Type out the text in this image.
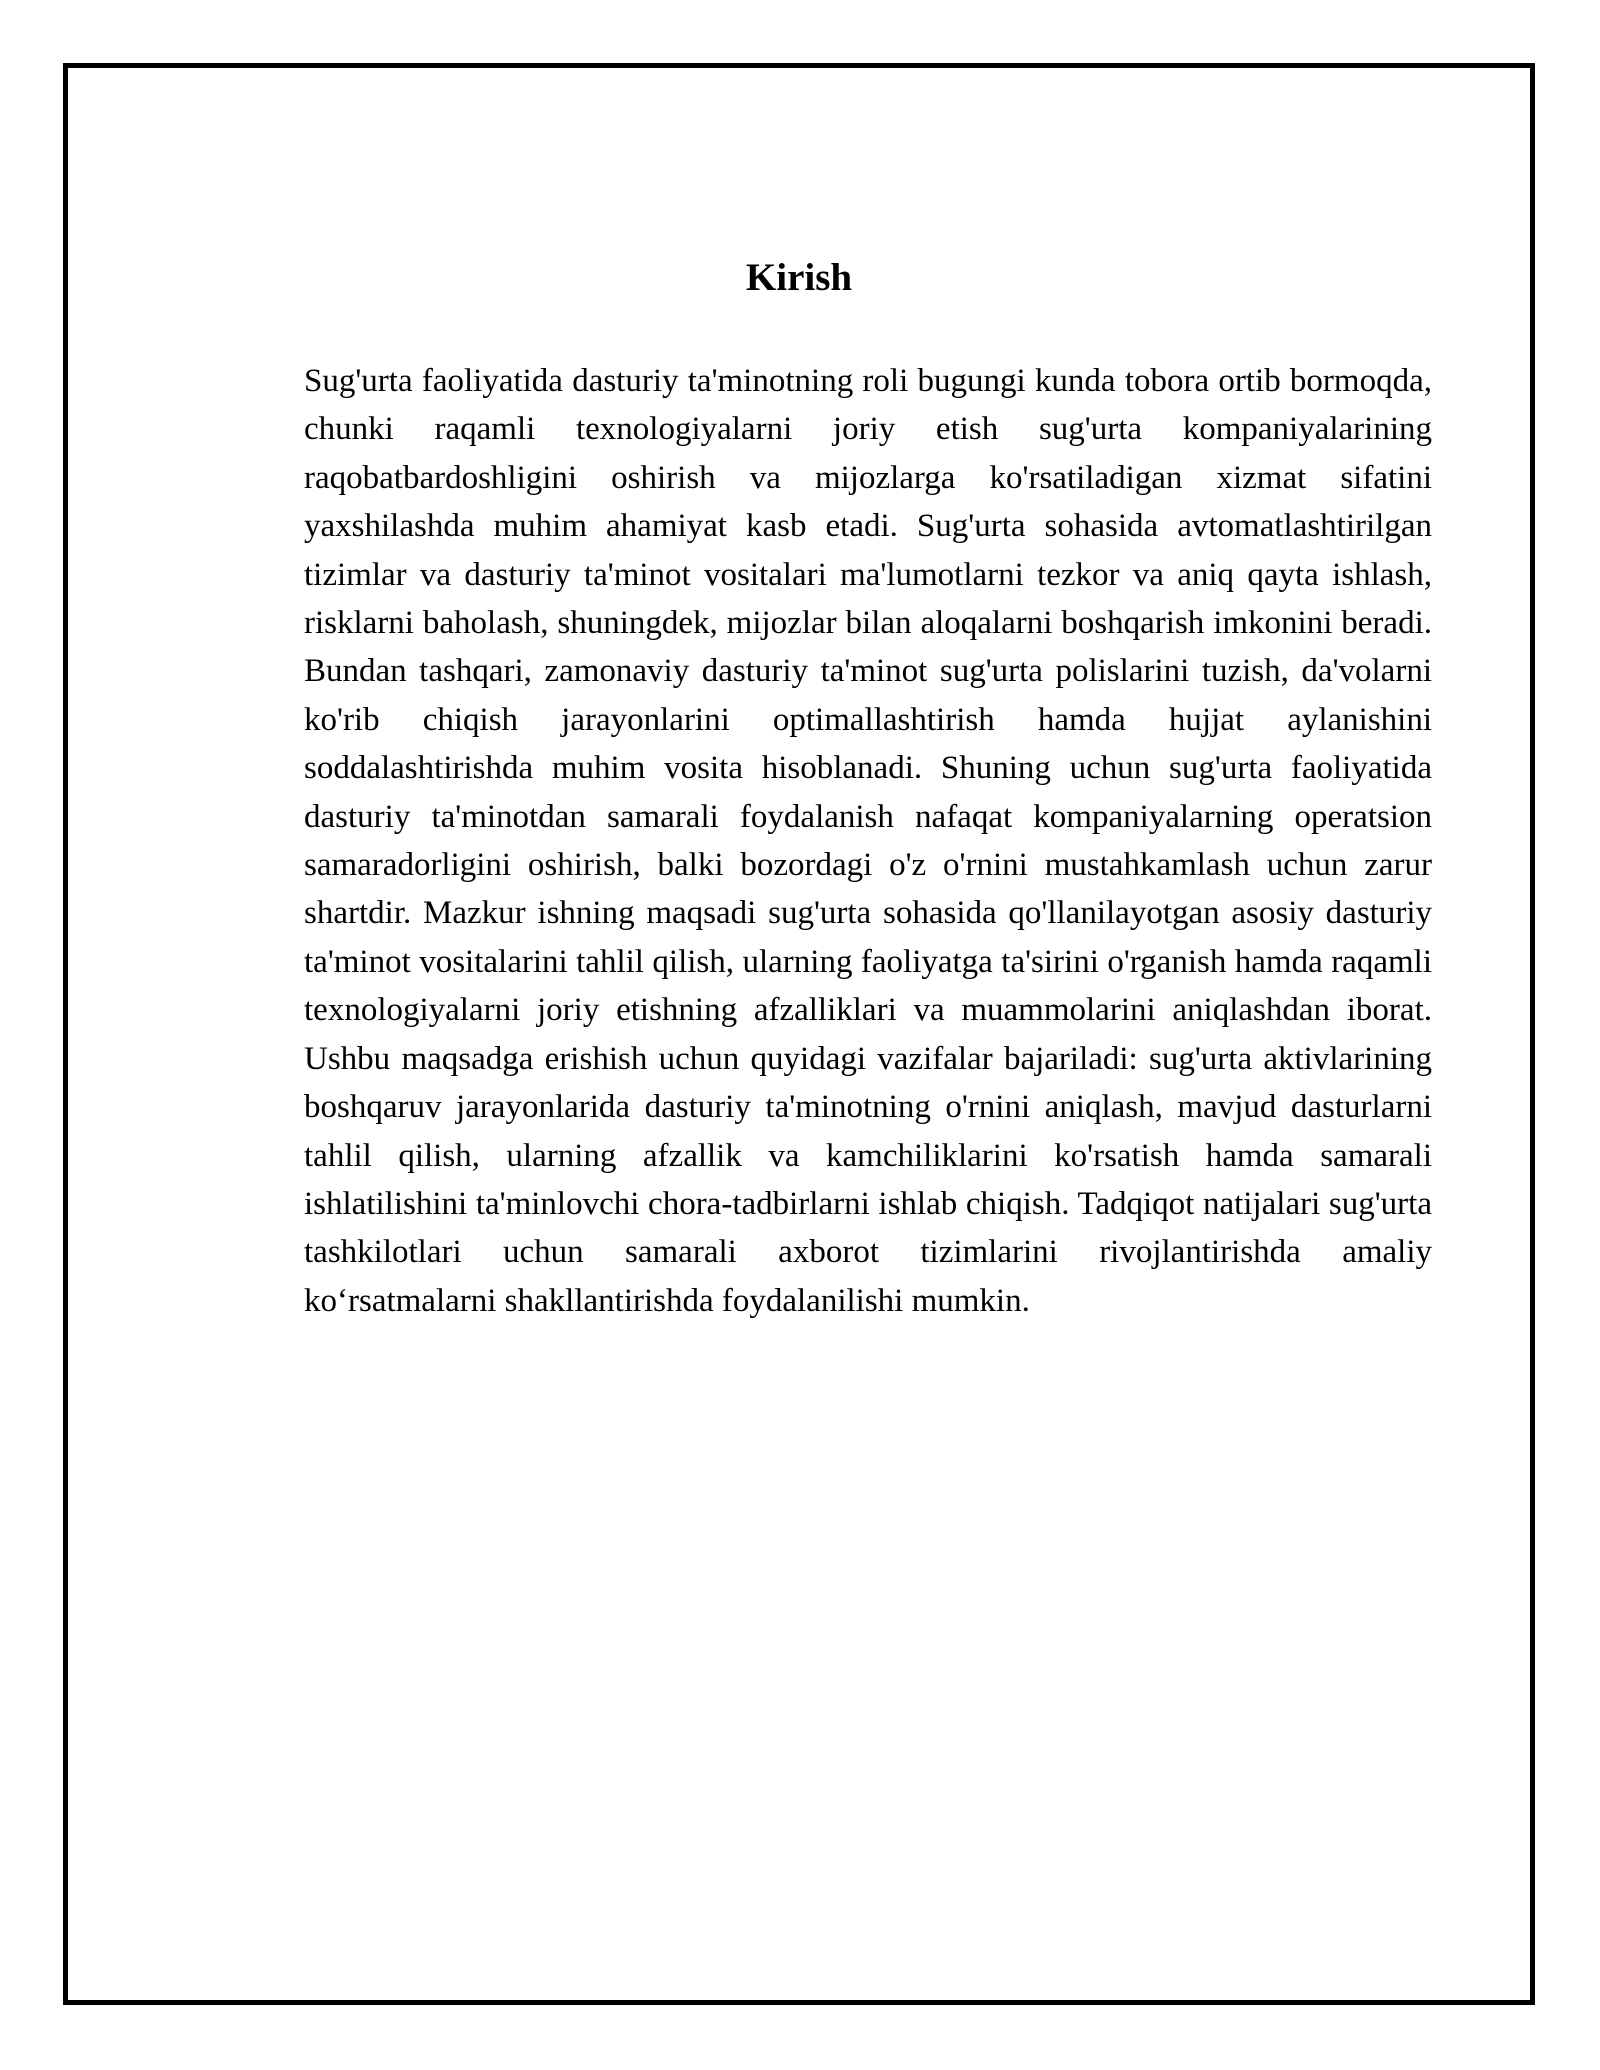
Kirish

Sug'urta faoliyatida dasturiy ta'minotning roli bugungi kunda tobora ortib bormoqda, chunki raqamli texnologiyalarni joriy etish sug'urta kompaniyalarining raqobatbardoshligini oshirish va mijozlarga ko'rsatiladigan xizmat sifatini yaxshilashda muhim ahamiyat kasb etadi. Sug'urta sohasida avtomatlashtirilgan tizimlar va dasturiy ta'minot vositalari ma'lumotlarni tezkor va aniq qayta ishlash, risklarni baholash, shuningdek, mijozlar bilan aloqalarni boshqarish imkonini beradi. Bundan tashqari, zamonaviy dasturiy ta'minot sug'urta polislarini tuzish, da'volarni ko'rib chiqish jarayonlarini optimallashtirish hamda hujjat aylanishini soddalashtirishda muhim vosita hisoblanadi. Shuning uchun sug'urta faoliyatida dasturiy ta'minotdan samarali foydalanish nafaqat kompaniyalarning operatsion samaradorligini oshirish, balki bozordagi o'z o'rnini mustahkamlash uchun zarur shartdir. Mazkur ishning maqsadi sug'urta sohasida qo'llanilayotgan asosiy dasturiy ta'minot vositalarini tahlil qilish, ularning faoliyatga ta'sirini o'rganish hamda raqamli texnologiyalarni joriy etishning afzalliklari va muammolarini aniqlashdan iborat. Ushbu maqsadga erishish uchun quyidagi vazifalar bajariladi: sug'urta aktivlarining boshqaruv jarayonlarida dasturiy ta'minotning o'rnini aniqlash, mavjud dasturlarni tahlil qilish, ularning afzallik va kamchiliklarini ko'rsatish hamda samarali ishlatilishini ta'minlovchi chora-tadbirlarni ishlab chiqish. Tadqiqot natijalari sug'urta tashkilotlari uchun samarali axborot tizimlarini rivojlantirishda amaliy ko‘rsatmalarni shakllantirishda foydalanilishi mumkin.
